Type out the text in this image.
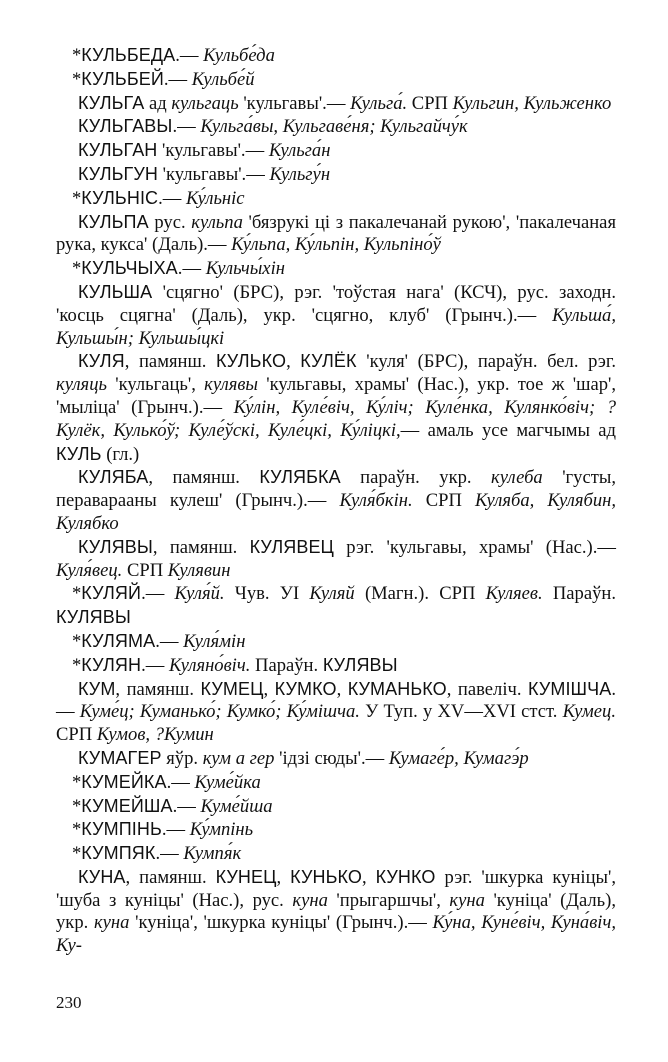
*КУЛЬБЕДА.— Кульбе́да

*КУЛЬБЕЙ.— Кульбе́й

КУЛЬГА ад кульгаць 'кульгавы'.— Кульга́. СРП Кульгин, Кульженко

КУЛЬГАВЫ.— Кульга́вы, Кульгаве́ня; Кульгайчу́к

КУЛЬГАН 'кульгавы'.— Кульга́н

КУЛЬГУН 'кульгавы'.— Кульгу́н

*КУЛЬНІС.— Ку́льніс

КУЛЬПА рус. кульпа 'бязрукі ці з пакалечанай рукою', 'пакалечаная рука, кукса' (Даль).— Ку́льпа, Ку́льпін, Кульпіно́ў

*КУЛЬЧЫХА.— Кульчы́хін

КУЛЬША 'сцягно' (БРС), рэг. 'тоўстая нага' (КСЧ), рус. заходн. 'косць сцягна' (Даль), укр. 'сцягно, клуб' (Грынч.).— Кульша́, Кульшы́н; Кульшы́цкі

КУЛЯ, памянш. КУЛЬКО, КУЛЁК 'куля' (БРС), параўн. бел. рэг. куляць 'кульгаць', кулявы 'кульгавы, храмы' (Нас.), укр. тое ж 'шар', 'мыліца' (Грынч.).— Ку́лін, Куле́віч, Ку́ліч; Куле́нка, Кулянко́віч; ?Кулёк, Кулько́ў; Куле́ўскі, Куле́цкі, Ку́ліцкі,— амаль усе магчымы ад КУЛЬ (гл.)

КУЛЯБА, памянш. КУЛЯБКА параўн. укр. кулеба 'густы, пераварааны кулеш' (Грынч.).— Куля́бкін. СРП Куляба, Кулябин, Кулябко

КУЛЯВЫ, памянш. КУЛЯВЕЦ рэг. 'кульгавы, храмы' (Нас.).— Куля́вец. СРП Кулявин

*КУЛЯЙ.— Куля́й. Чув. УІ Куляй (Магн.). СРП Куляев. Параўн. КУЛЯВЫ

*КУЛЯМА.— Куля́мін

*КУЛЯН.— Куляно́віч. Параўн. КУЛЯВЫ

КУМ, памянш. КУМЕЦ, КУМКО, КУМАНЬКО, павеліч. КУМІШЧА.— Куме́ц; Куманько́; Кумко́; Ку́мішча. У Туп. у XV—XVI стст. Кумец. СРП Кумов, ?Кумин

КУМАГЕР яўр. кум а гер 'ідзі сюды'.— Кумаге́р, Кумагэ́р

*КУМЕЙКА.— Куме́йка

*КУМЕЙША.— Куме́йша

*КУМПІНЬ.— Ку́мпінь

*КУМПЯК.— Кумпя́к

КУНА, памянш. КУНЕЦ, КУНЬКО, КУНКО рэг. 'шкурка куніцы', 'шуба з куніцы' (Нас.), рус. куна 'прыгаршчы', куна 'куніца' (Даль), укр. куна 'куніца', 'шкурка куніцы' (Грынч.).— Ку́на, Куне́віч, Куна́віч, Ку-

230
